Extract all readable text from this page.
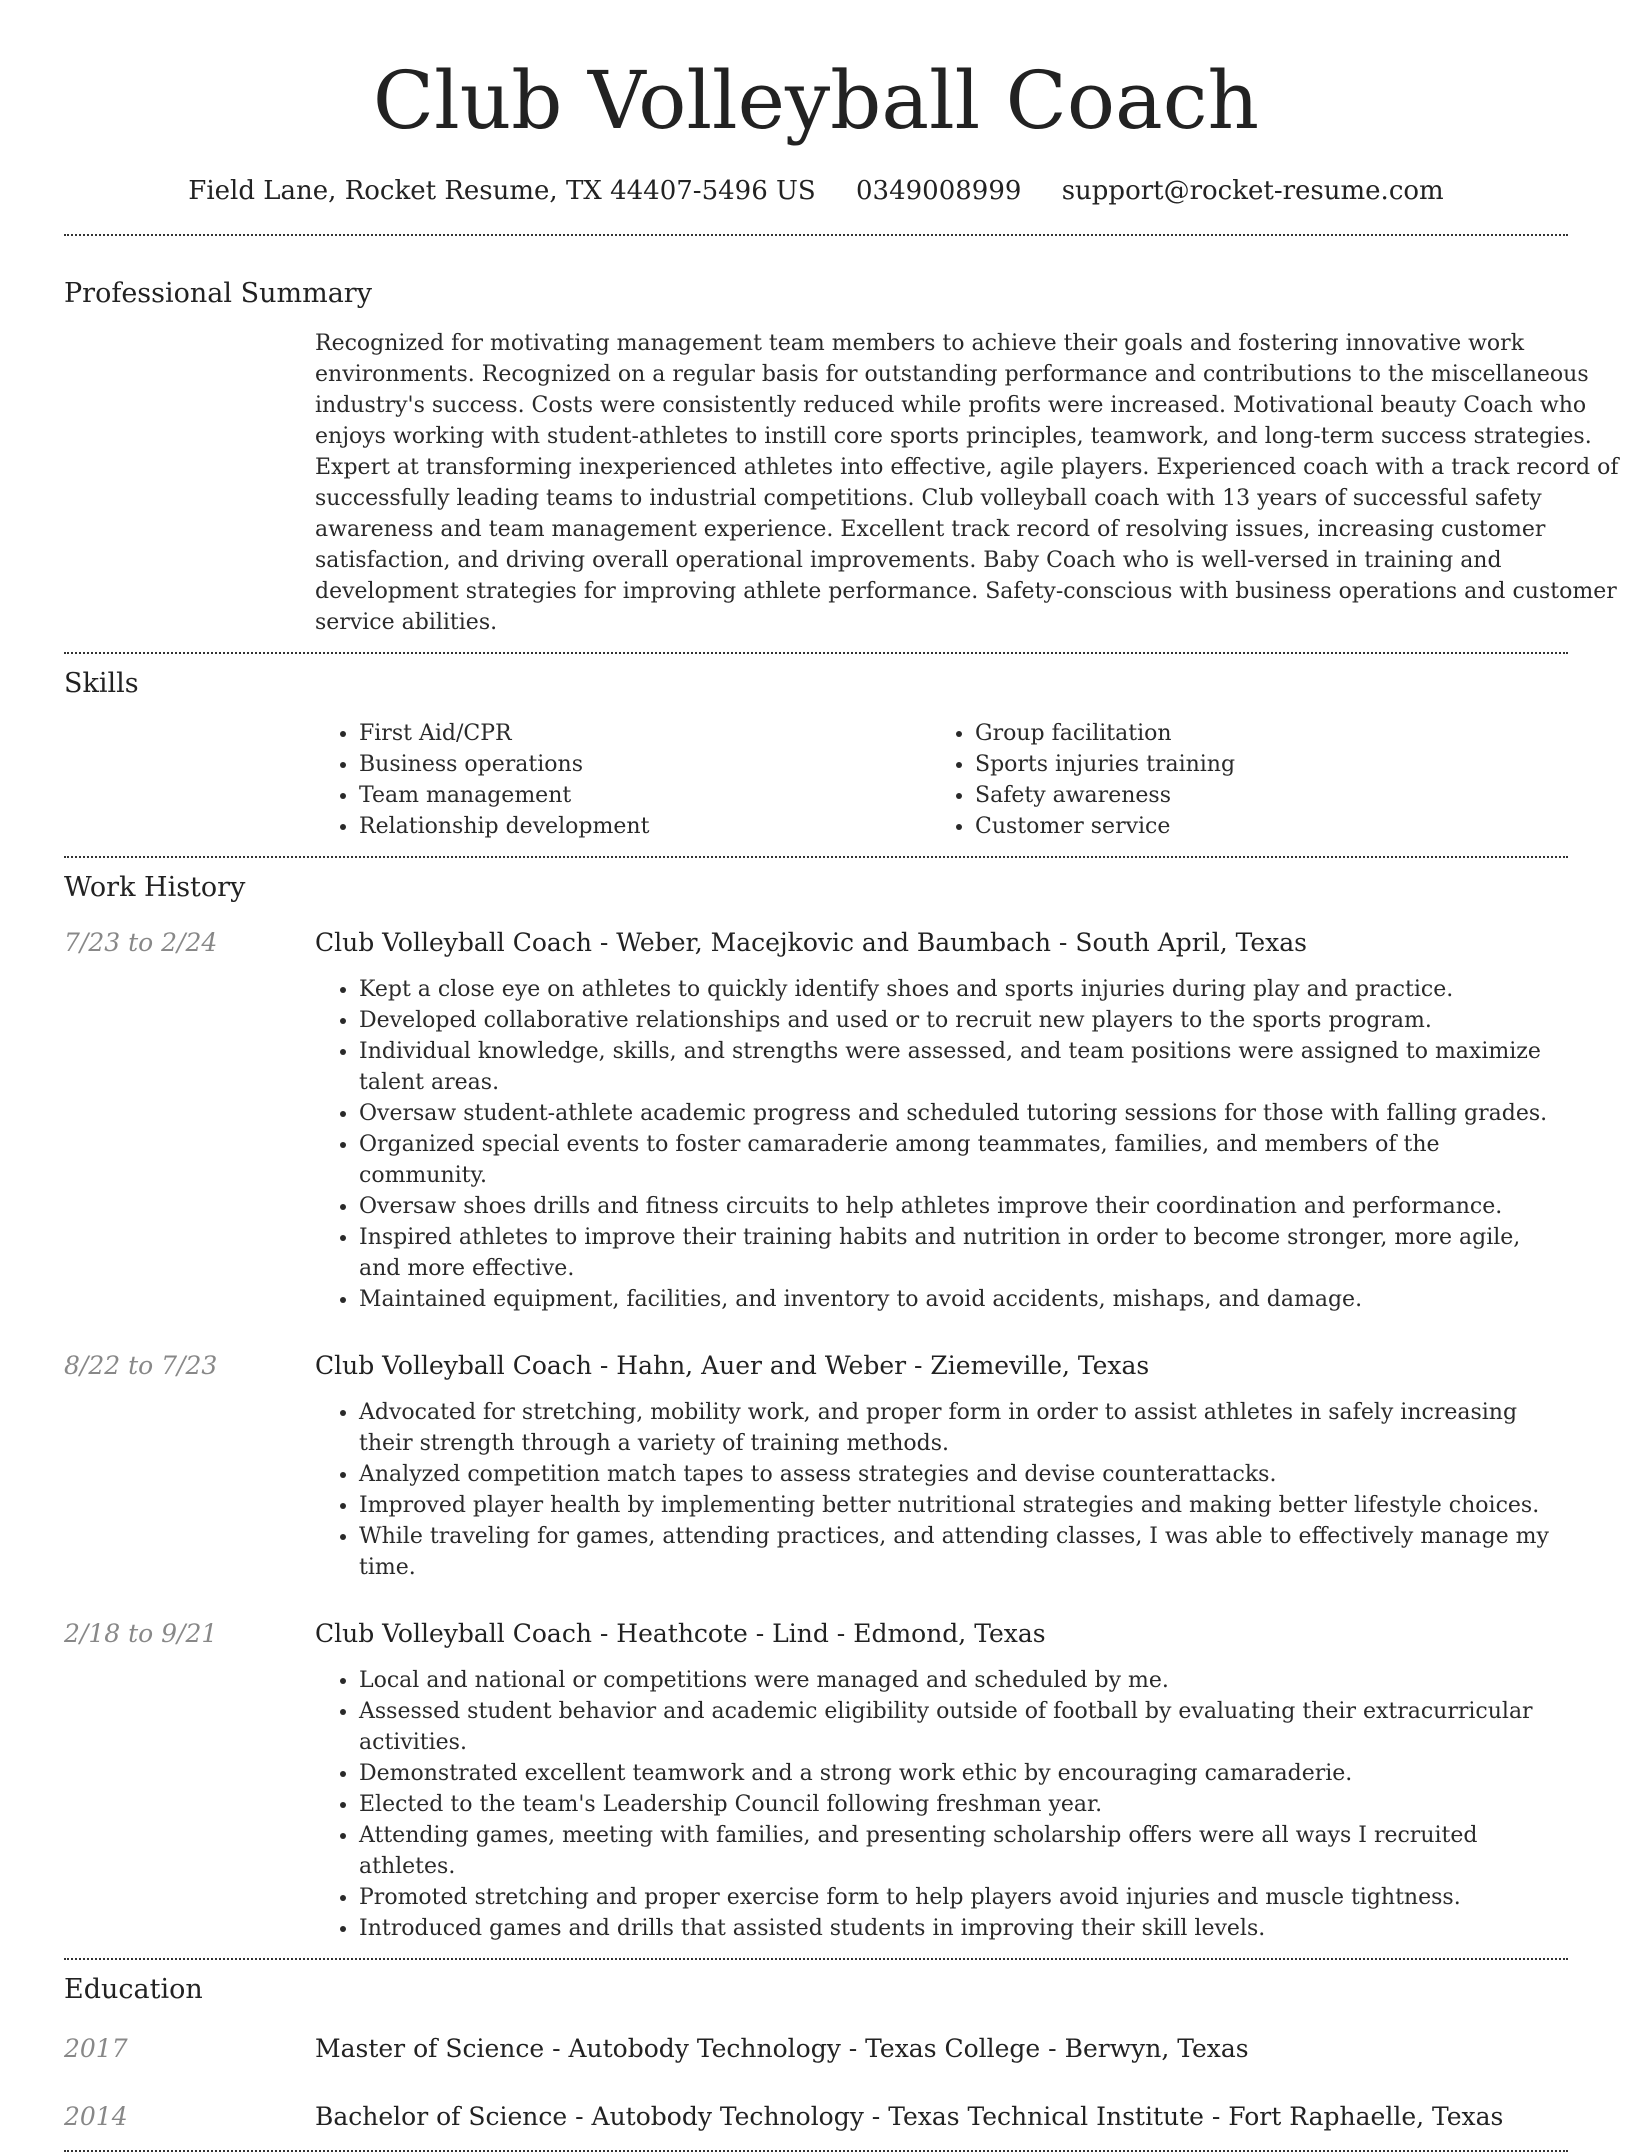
Club Volleyball Coach
Field Lane, Rocket Resume, TX 44407-5496 US 0349008999 support@rocket-resume.com
Professional Summary
Recognized for motivating management team members to achieve their goals and fostering innovative work environments. Recognized on a regular basis for outstanding performance and contributions to the miscellaneous industry's success. Costs were consistently reduced while profits were increased. Motivational beauty Coach who enjoys working with student-athletes to instill core sports principles, teamwork, and long-term success strategies. Expert at transforming inexperienced athletes into effective, agile players. Experienced coach with a track record of successfully leading teams to industrial competitions. Club volleyball coach with 13 years of successful safety awareness and team management experience. Excellent track record of resolving issues, increasing customer satisfaction, and driving overall operational improvements. Baby Coach who is well-versed in training and development strategies for improving athlete performance. Safety-conscious with business operations and customer service abilities.
Skills
• First Aid/CPR
• Business operations
• Team management
• Relationship development
• Group facilitation
• Sports injuries training
• Safety awareness
• Customer service
Work History
7/23 to 2/24	Club Volleyball Coach - Weber, Macejkovic and Baumbach - South April, Texas
• Kept a close eye on athletes to quickly identify shoes and sports injuries during play and practice.
• Developed collaborative relationships and used or to recruit new players to the sports program.
• Individual knowledge, skills, and strengths were assessed, and team positions were assigned to maximize talent areas.
• Oversaw student-athlete academic progress and scheduled tutoring sessions for those with falling grades.
• Organized special events to foster camaraderie among teammates, families, and members of the community.
• Oversaw shoes drills and fitness circuits to help athletes improve their coordination and performance.
• Inspired athletes to improve their training habits and nutrition in order to become stronger, more agile, and more effective.
• Maintained equipment, facilities, and inventory to avoid accidents, mishaps, and damage.
8/22 to 7/23	Club Volleyball Coach - Hahn, Auer and Weber - Ziemeville, Texas
• Advocated for stretching, mobility work, and proper form in order to assist athletes in safely increasing their strength through a variety of training methods.
• Analyzed competition match tapes to assess strategies and devise counterattacks.
• Improved player health by implementing better nutritional strategies and making better lifestyle choices.
• While traveling for games, attending practices, and attending classes, I was able to effectively manage my time.
2/18 to 9/21	Club Volleyball Coach - Heathcote - Lind - Edmond, Texas
• Local and national or competitions were managed and scheduled by me.
• Assessed student behavior and academic eligibility outside of football by evaluating their extracurricular activities.
• Demonstrated excellent teamwork and a strong work ethic by encouraging camaraderie.
• Elected to the team's Leadership Council following freshman year.
• Attending games, meeting with families, and presenting scholarship offers were all ways I recruited athletes.
• Promoted stretching and proper exercise form to help players avoid injuries and muscle tightness.
• Introduced games and drills that assisted students in improving their skill levels.
Education
2017	Master of Science - Autobody Technology - Texas College - Berwyn, Texas
2014	Bachelor of Science - Autobody Technology - Texas Technical Institute - Fort Raphaelle, Texas
